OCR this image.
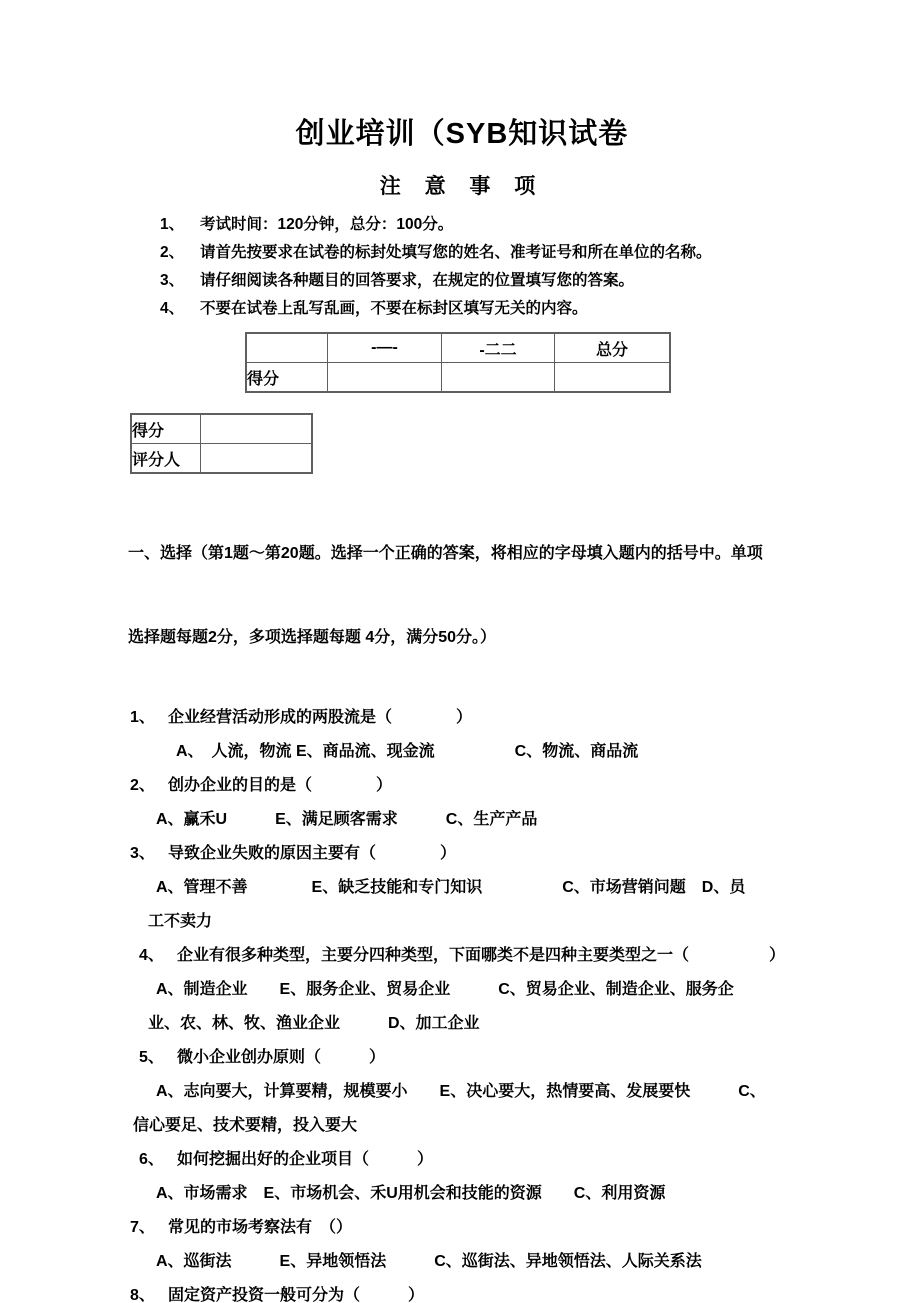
创业培训（SYB知识试卷
注 意 事 项
1、	考试时间：120分钟，总分：100分。
2、	请首先按要求在试卷的标封处填写您的姓名、准考证号和所在单位的名称。
3、	请仔细阅读各种题目的回答要求，在规定的位置填写您的答案。
4、	不要在试卷上乱写乱画，不要在标封区填写无关的内容。
	-—-	-二二	总分
得分			
得分	
评分人	

一、选择（第1题～第20题。选择一个正确的答案，将相应的字母填入题内的括号中。单项

选择题每题2分，多项选择题每题 4分，满分50分。）

1、 企业经营活动形成的两股流是（　　　　）
A、　人流，物流 E、商品流、现金流　　　　　C、物流、商品流
2、 创办企业的目的是（　　　　）
A、赢禾U　　　E、满足顾客需求　　　C、生产产品
3、 导致企业失败的原因主要有（　　　　）
A、管理不善　　　　E、缺乏技能和专门知识　　　　　C、市场营销问题　D、员
工不卖力
4、 企业有很多种类型，主要分四种类型，下面哪类不是四种主要类型之一（　　　　　）
A、制造企业　　E、服务企业、贸易企业　　　C、贸易企业、制造企业、服务企
业、农、林、牧、渔业企业　　　D、加工企业
5、 微小企业创办原则（　　　）
A、志向要大，计算要精，规模要小　　E、决心要大，热情要高、发展要快　　　C、
信心要足、技术要精，投入要大
6、 如何挖掘出好的企业项目（　　　）
A、市场需求　E、市场机会、禾U用机会和技能的资源　　C、利用资源
7、 常见的市场考察法有　（）
A、巡街法　　　E、异地领悟法　　　C、巡街法、异地领悟法、人际关系法
8、 固定资产投资一般可分为（　　　）
